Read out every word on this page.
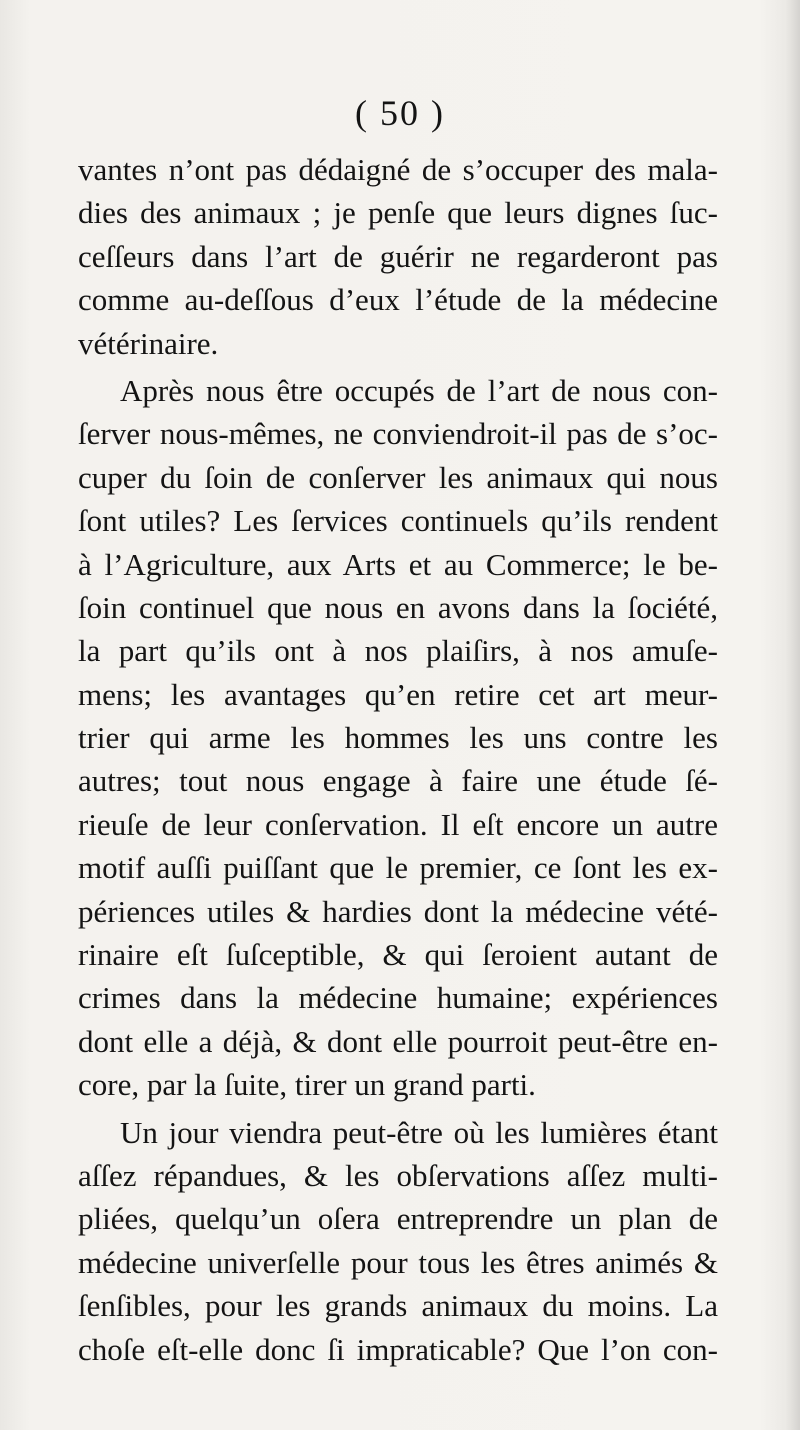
( 50 )
vantes n’ont pas dédaigné de s’occuper des mala-
dies des animaux ; je penſe que leurs dignes ſuc-
ceſſeurs dans l’art de guérir ne regarderont pas
comme au-deſſous d’eux l’étude de la médecine
vétérinaire.
Après nous être occupés de l’art de nous con-
ſerver nous-mêmes, ne conviendroit-il pas de s’oc-
cuper du ſoin de conſerver les animaux qui nous
ſont utiles? Les ſervices continuels qu’ils rendent
à l’Agriculture, aux Arts et au Commerce; le be-
ſoin continuel que nous en avons dans la ſociété,
la part qu’ils ont à nos plaiſirs, à nos amuſe-
mens; les avantages qu’en retire cet art meur-
trier qui arme les hommes les uns contre les
autres; tout nous engage à faire une étude ſé-
rieuſe de leur conſervation. Il eſt encore un autre
motif auſſi puiſſant que le premier, ce ſont les ex-
périences utiles & hardies dont la médecine vété-
rinaire eſt ſuſceptible, & qui ſeroient autant de
crimes dans la médecine humaine; expériences
dont elle a déjà, & dont elle pourroit peut-être en-
core, par la ſuite, tirer un grand parti.
Un jour viendra peut-être où les lumières étant
aſſez répandues, & les obſervations aſſez multi-
pliées, quelqu’un oſera entreprendre un plan de
médecine univerſelle pour tous les êtres animés &
ſenſibles, pour les grands animaux du moins. La
choſe eſt-elle donc ſi impraticable? Que l’on con-
